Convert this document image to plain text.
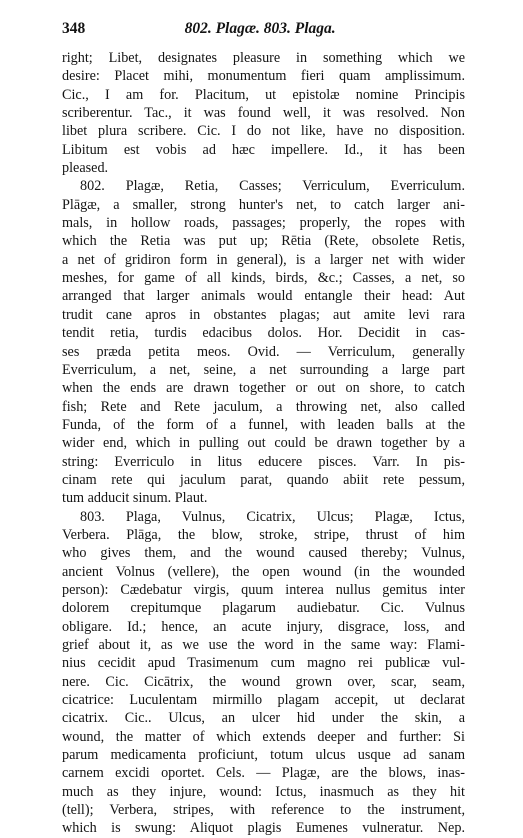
348	802. Plagæ. 803. Plaga.
right; Libet, designates pleasure in something which we
desire: Placet mihi, monumentum fieri quam amplissimum.
Cic., I am for. Placitum, ut epistolæ nomine Principis
scriberentur. Tac., it was found well, it was resolved. Non
libet plura scribere. Cic. I do not like, have no disposition.
Libitum est vobis ad hæc impellere. Id., it has been
pleased.
802. Plagæ, Retia, Casses; Verriculum, Everriculum.
Plāgæ, a smaller, strong hunter's net, to catch larger ani-
mals, in hollow roads, passages; properly, the ropes with
which the Retia was put up; Rētia (Rete, obsolete Retis,
a net of gridiron form in general), is a larger net with wider
meshes, for game of all kinds, birds, &c.; Casses, a net, so
arranged that larger animals would entangle their head: Aut
trudit cane apros in obstantes plagas; aut amite levi rara
tendit retia, turdis edacibus dolos. Hor. Decidit in cas-
ses præda petita meos. Ovid. — Verriculum, generally
Everriculum, a net, seine, a net surrounding a large part
when the ends are drawn together or out on shore, to catch
fish; Rete and Rete jaculum, a throwing net, also called
Funda, of the form of a funnel, with leaden balls at the
wider end, which in pulling out could be drawn together by a
string: Everriculo in litus educere pisces. Varr. In pis-
cinam rete qui jaculum parat, quando abiit rete pessum,
tum adducit sinum. Plaut.
803. Plaga, Vulnus, Cicatrix, Ulcus; Plagæ, Ictus,
Verbera. Plāga, the blow, stroke, stripe, thrust of him
who gives them, and the wound caused thereby; Vulnus,
ancient Volnus (vellere), the open wound (in the wounded
person): Cædebatur virgis, quum interea nullus gemitus inter
dolorem crepitumque plagarum audiebatur. Cic. Vulnus
obligare. Id.; hence, an acute injury, disgrace, loss, and
grief about it, as we use the word in the same way: Flami-
nius cecidit apud Trasimenum cum magno rei publicæ vul-
nere. Cic. Cicātrix, the wound grown over, scar, seam,
cicatrice: Luculentam mirmillo plagam accepit, ut declarat
cicatrix. Cic.. Ulcus, an ulcer hid under the skin, a
wound, the matter of which extends deeper and further: Si
parum medicamenta proficiunt, totum ulcus usque ad sanam
carnem excidi oportet. Cels. — Plagæ, are the blows, inas-
much as they injure, wound: Ictus, inasmuch as they hit
(tell); Verbera, stripes, with reference to the instrument,
which is swung: Aliquot plagis Eumenes vulneratur. Nep.
